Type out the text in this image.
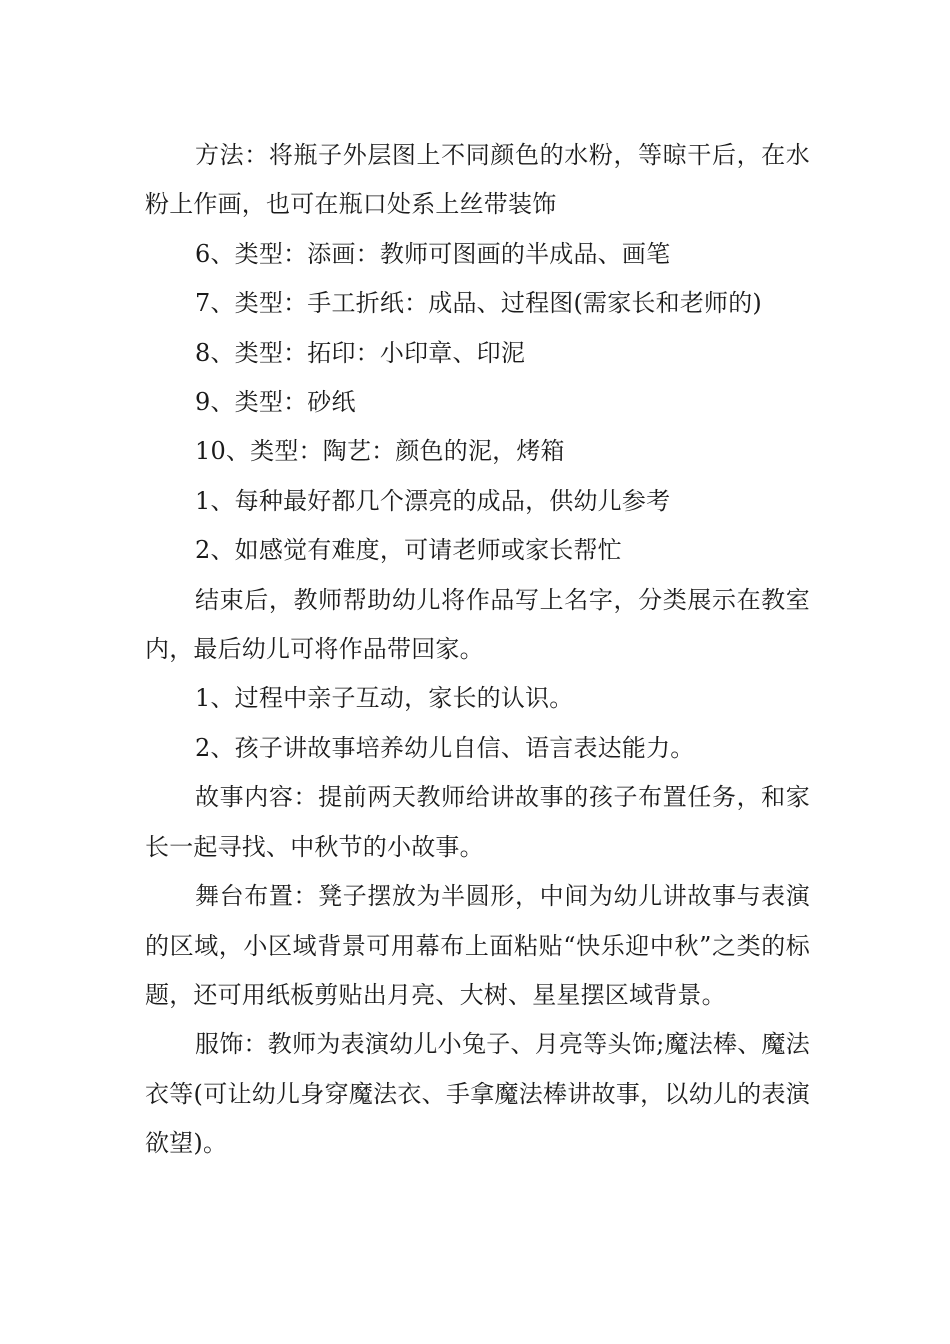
方法：将瓶子外层图上不同颜色的水粉，等晾干后，在水粉上作画，也可在瓶口处系上丝带装饰

6、类型：添画：教师可图画的半成品、画笔

7、类型：手工折纸：成品、过程图(需家长和老师的)

8、类型：拓印：小印章、印泥

9、类型：砂纸

10、类型：陶艺：颜色的泥，烤箱

1、每种最好都几个漂亮的成品，供幼儿参考

2、如感觉有难度，可请老师或家长帮忙

结束后，教师帮助幼儿将作品写上名字，分类展示在教室内，最后幼儿可将作品带回家。

1、过程中亲子互动，家长的认识。

2、孩子讲故事培养幼儿自信、语言表达能力。

故事内容：提前两天教师给讲故事的孩子布置任务，和家长一起寻找、中秋节的小故事。

舞台布置：凳子摆放为半圆形，中间为幼儿讲故事与表演的区域，小区域背景可用幕布上面粘贴“快乐迎中秋”之类的标题，还可用纸板剪贴出月亮、大树、星星摆区域背景。

服饰：教师为表演幼儿小兔子、月亮等头饰;魔法棒、魔法衣等(可让幼儿身穿魔法衣、手拿魔法棒讲故事，以幼儿的表演欲望)。
